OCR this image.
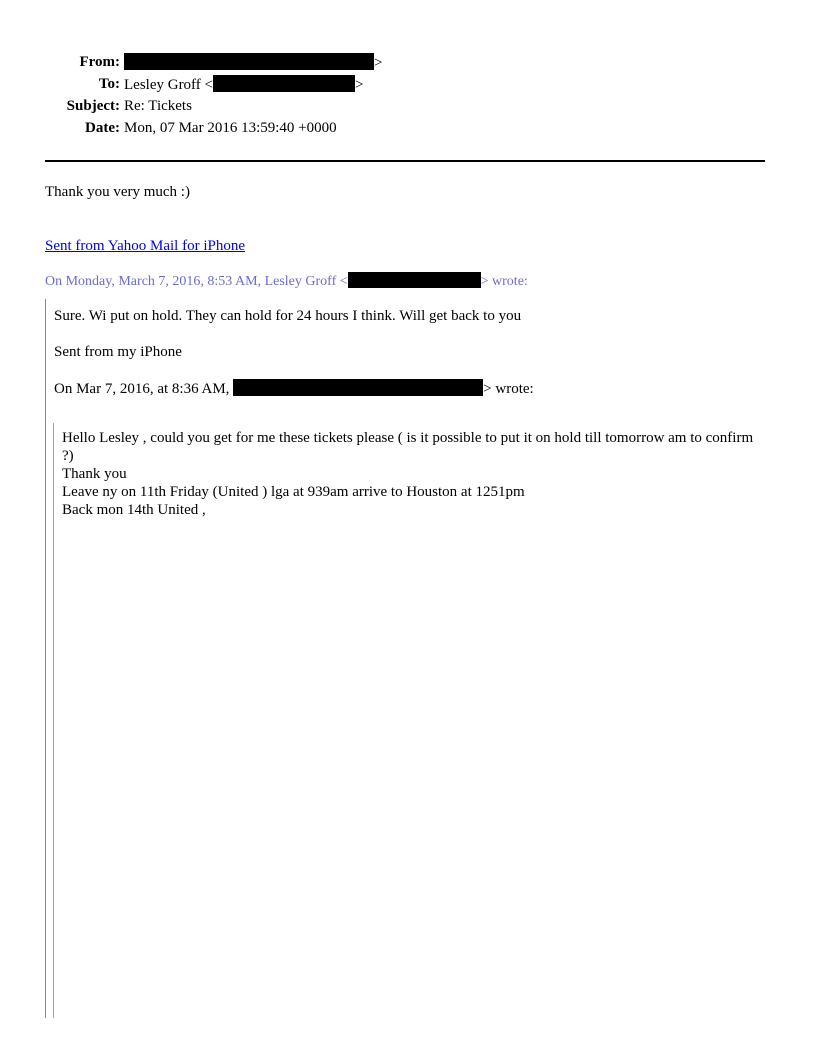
From:	>
To: Lesley Groff <	>
Subject: Re: Tickets
Date: Mon, 07 Mar 2016 13:59:40 +0000
Thank you very much :)
Sent from Yahoo Mail for iPhone
On Monday, March 7, 2016, 8:53 AM, Lesley Groff <	> wrote:
Sure. Wi put on hold. They can hold for 24 hours I think. Will get back to you
Sent from my iPhone
On Mar 7, 2016, at 8:36 AM,	> wrote:
Hello Lesley , could you get for me these tickets please ( is it possible to put it on hold till tomorrow am to confirm ?)
Thank you
Leave ny on 11th Friday (United ) lga at 939am arrive to Houston at 1251pm
Back mon 14th United ,
